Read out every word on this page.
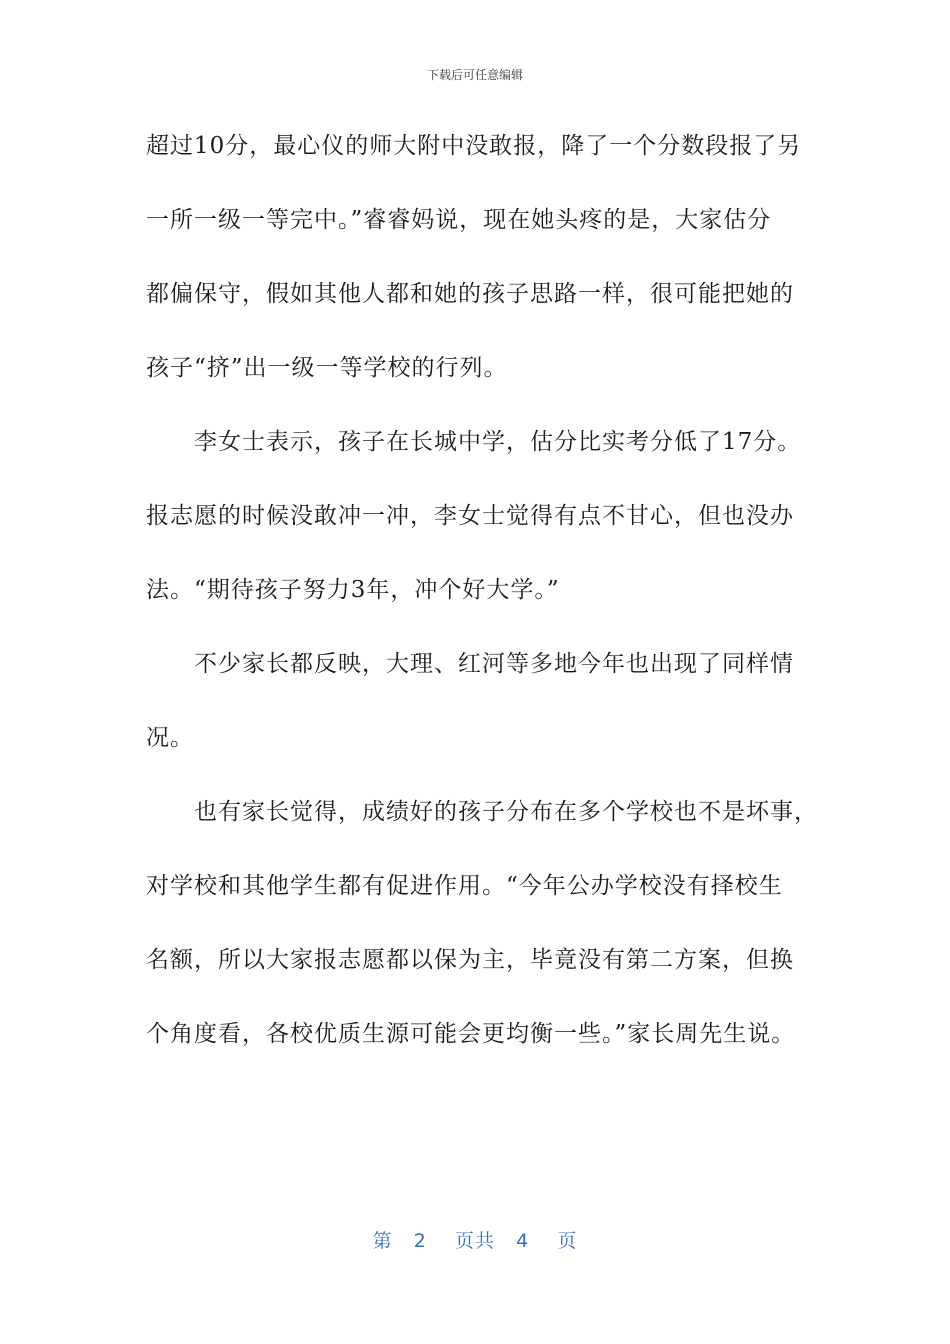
下载后可任意编辑
超过10分，最心仪的师大附中没敢报，降了一个分数段报了另
一所一级一等完中。”睿睿妈说，现在她头疼的是，大家估分
都偏保守，假如其他人都和她的孩子思路一样，很可能把她的
孩子“挤”出一级一等学校的行列。
李女士表示，孩子在长城中学，估分比实考分低了17分。
报志愿的时候没敢冲一冲，李女士觉得有点不甘心，但也没办
法。“期待孩子努力3年，冲个好大学。”
不少家长都反映，大理、红河等多地今年也出现了同样情
况。
也有家长觉得，成绩好的孩子分布在多个学校也不是坏事，
对学校和其他学生都有促进作用。“今年公办学校没有择校生
名额，所以大家报志愿都以保为主，毕竟没有第二方案，但换
个角度看，各校优质生源可能会更均衡一些。”家长周先生说。
第 2 页共 4 页
